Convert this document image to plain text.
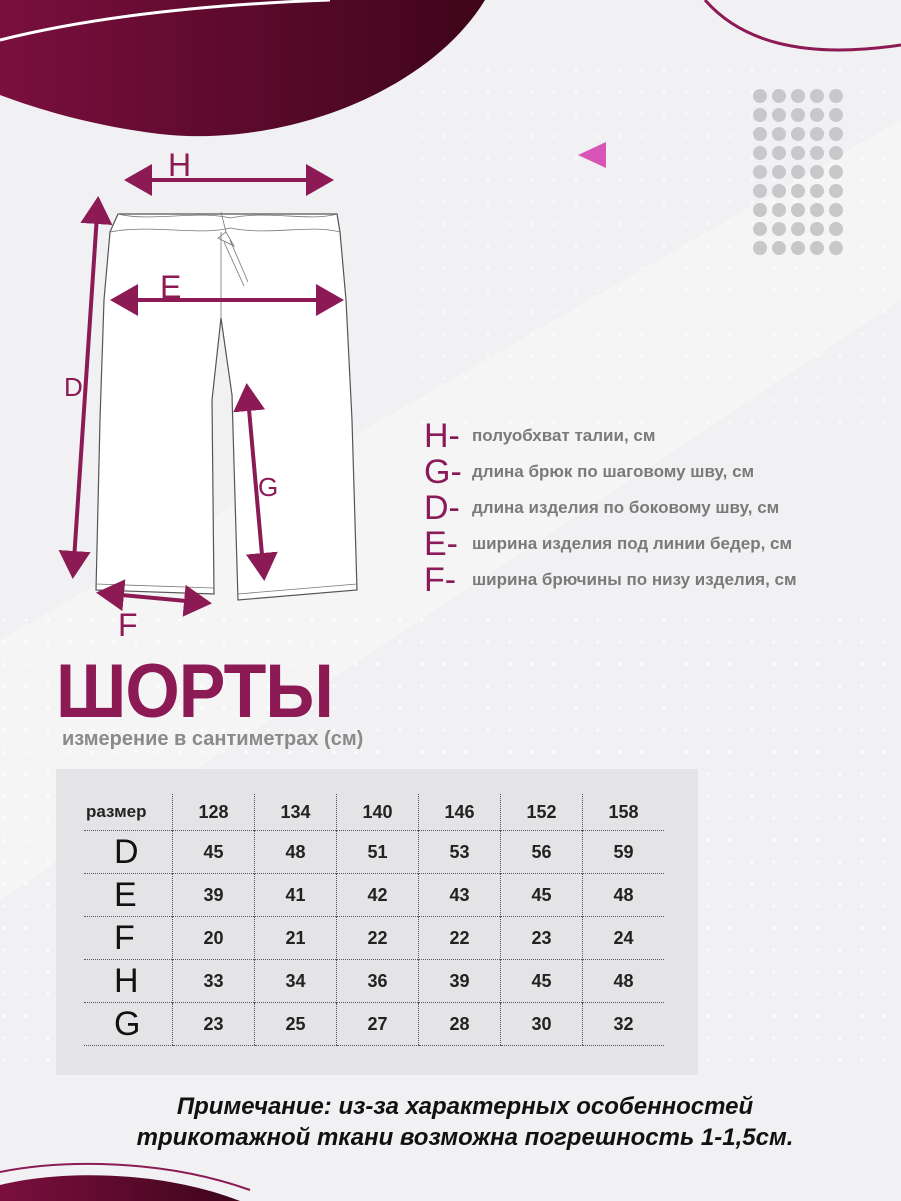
H
E
D
G
F
H- полуобхват талии, см
G- длина брюк по шаговому шву, см
D- длина изделия по боковому шву, см
E- ширина изделия под линии бедер, см
F- ширина брючины по низу изделия, см
ШОРТЫ
измерение в сантиметрах (см)
размер	128	134	140	146	152	158
D	45	48	51	53	56	59
E	39	41	42	43	45	48
F	20	21	22	22	23	24
H	33	34	36	39	45	48
G	23	25	27	28	30	32
Примечание: из-за характерных особенностей
трикотажной ткани возможна погрешность 1-1,5см.
